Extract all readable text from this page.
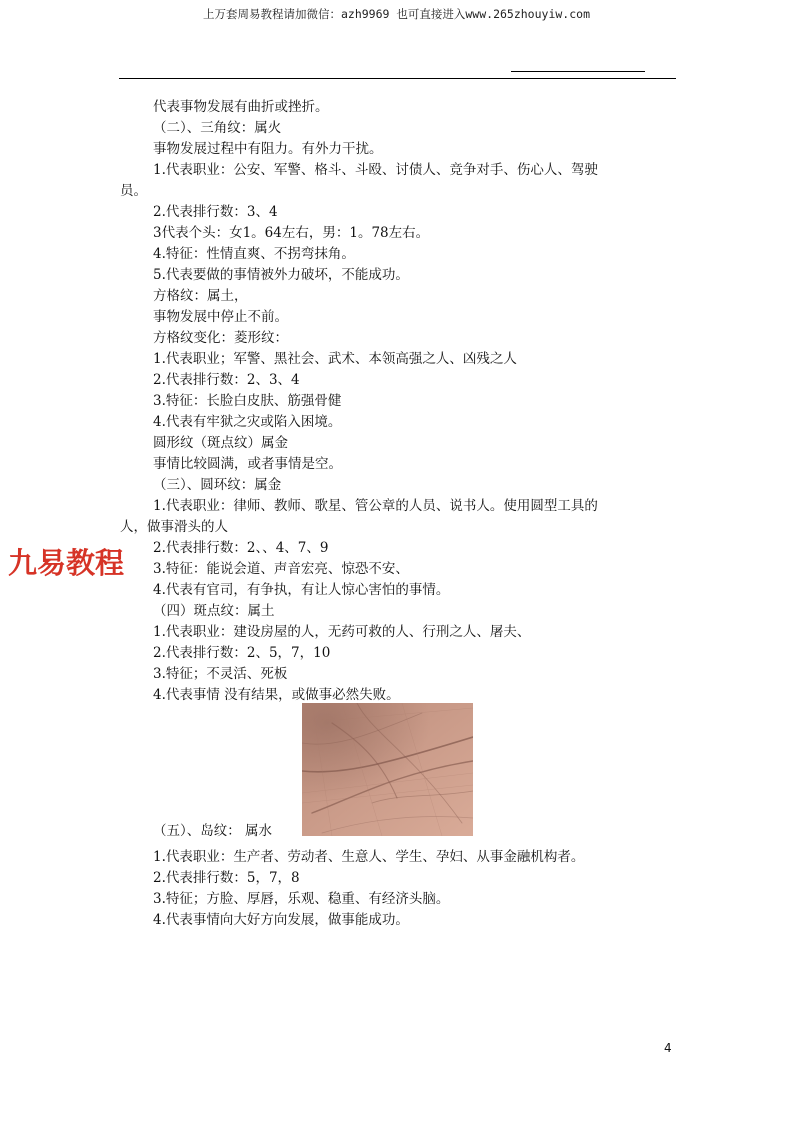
上万套周易教程请加微信：azh9969 也可直接进入www.265zhouyiw.com
九易教程
代表事物发展有曲折或挫折。
（二）、三角纹：属火
事物发展过程中有阻力。有外力干扰。
1.代表职业：公安、军警、格斗、斗殴、讨债人、竞争对手、伤心人、驾驶
员。
2.代表排行数：3、4
3代表个头：女1。64左右，男：1。78左右。
4.特征：性情直爽、不拐弯抹角。
5.代表要做的事情被外力破坏，不能成功。
方格纹：属土，
事物发展中停止不前。
方格纹变化：菱形纹：
1.代表职业；军警、黑社会、武术、本领高强之人、凶残之人
2.代表排行数：2、3、4
3.特征：长脸白皮肤、筋强骨健
4.代表有牢狱之灾或陷入困境。
圆形纹（斑点纹）属金
事情比较圆满，或者事情是空。
（三）、圆环纹：属金
1.代表职业：律师、教师、歌星、管公章的人员、说书人。使用圆型工具的
人，做事滑头的人
2.代表排行数：2、、4、7、9
3.特征：能说会道、声音宏亮、惊恐不安、
4.代表有官司，有争执，有让人惊心害怕的事情。
（四）斑点纹：属土
1.代表职业：建设房屋的人，无药可救的人、行刑之人、屠夫、
2.代表排行数：2、5，7，10
3.特征；不灵活、死板
4.代表事情 没有结果，或做事必然失败。
（五）、岛纹： 属水
1.代表职业：生产者、劳动者、生意人、学生、孕妇、从事金融机构者。
2.代表排行数：5，7，8
3.特征；方脸、厚唇，乐观、稳重、有经济头脑。
4.代表事情向大好方向发展，做事能成功。
4
